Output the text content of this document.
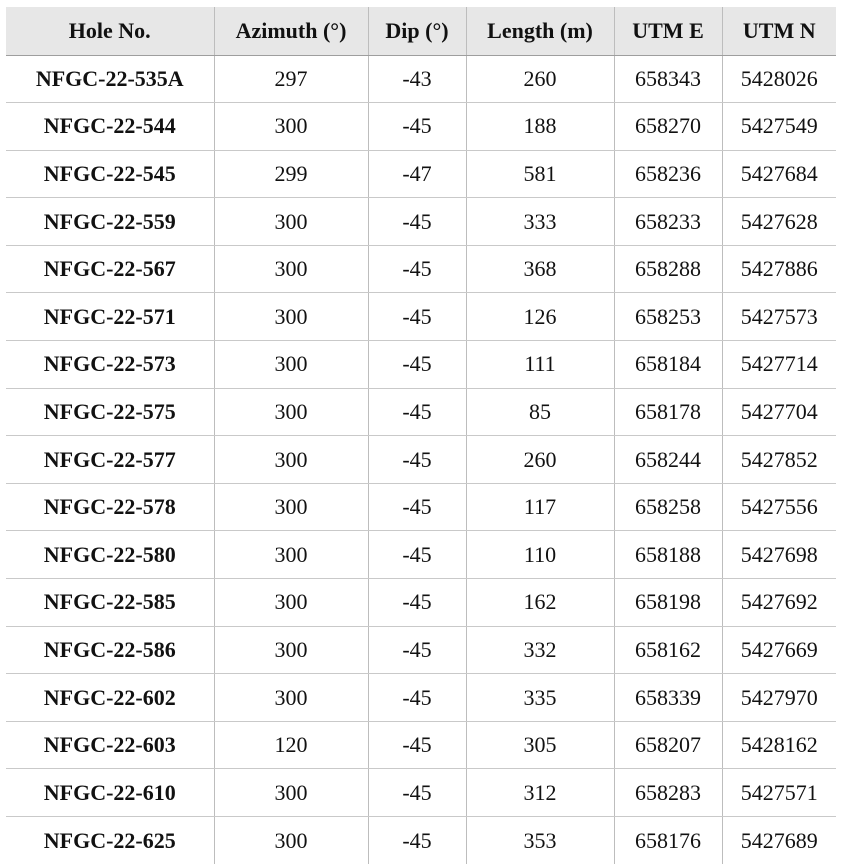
Hole No.	Azimuth (°)	Dip (°)	Length (m)	UTM E	UTM N
NFGC-22-535A	297	-43	260	658343	5428026
NFGC-22-544	300	-45	188	658270	5427549
NFGC-22-545	299	-47	581	658236	5427684
NFGC-22-559	300	-45	333	658233	5427628
NFGC-22-567	300	-45	368	658288	5427886
NFGC-22-571	300	-45	126	658253	5427573
NFGC-22-573	300	-45	111	658184	5427714
NFGC-22-575	300	-45	85	658178	5427704
NFGC-22-577	300	-45	260	658244	5427852
NFGC-22-578	300	-45	117	658258	5427556
NFGC-22-580	300	-45	110	658188	5427698
NFGC-22-585	300	-45	162	658198	5427692
NFGC-22-586	300	-45	332	658162	5427669
NFGC-22-602	300	-45	335	658339	5427970
NFGC-22-603	120	-45	305	658207	5428162
NFGC-22-610	300	-45	312	658283	5427571
NFGC-22-625	300	-45	353	658176	5427689
